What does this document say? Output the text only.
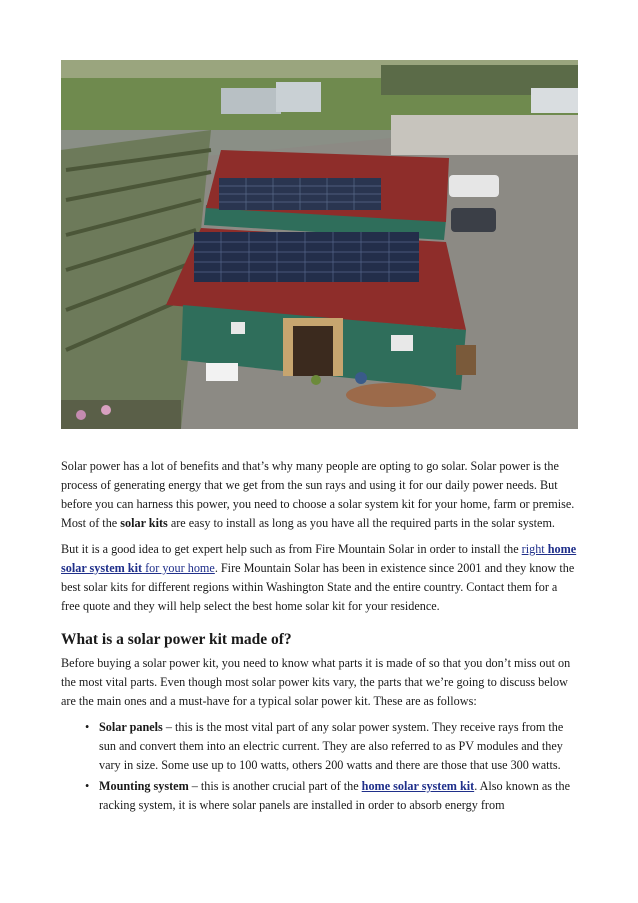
Solar power has a lot of benefits and that’s why many people are opting to go solar. Solar power is the process of generating energy that we get from the sun rays and using it for our daily power needs. But before you can harness this power, you need to choose a solar system kit for your home, farm or premise. Most of the solar kits are easy to install as long as you have all the required parts in the solar system.

But it is a good idea to get expert help such as from Fire Mountain Solar in order to install the right home solar system kit for your home. Fire Mountain Solar has been in existence since 2001 and they know the best solar kits for different regions within Washington State and the entire country. Contact them for a free quote and they will help select the best home solar kit for your residence.

What is a solar power kit made of?

Before buying a solar power kit, you need to know what parts it is made of so that you don’t miss out on the most vital parts. Even though most solar power kits vary, the parts that we’re going to discuss below are the main ones and a must-have for a typical solar power kit. These are as follows:

• Solar panels – this is the most vital part of any solar power system. They receive rays from the sun and convert them into an electric current. They are also referred to as PV modules and they vary in size. Some use up to 100 watts, others 200 watts and there are those that use 300 watts.
• Mounting system – this is another crucial part of the home solar system kit. Also known as the racking system, it is where solar panels are installed in order to absorb energy from
